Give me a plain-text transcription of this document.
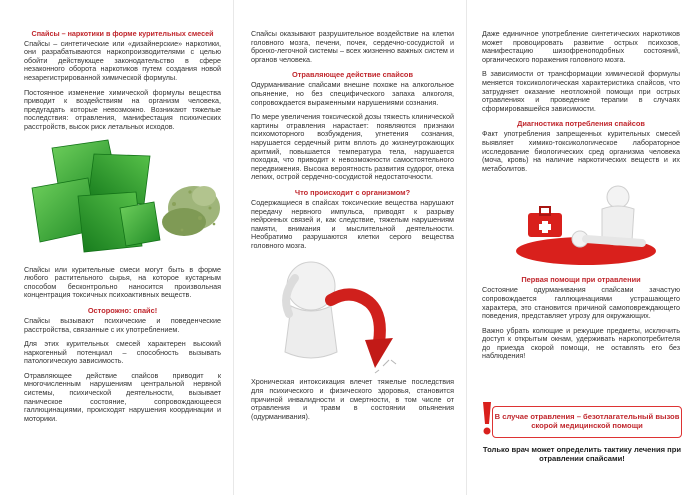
Спайсы – наркотики в форме курительных смесей

Спайсы – синтетические или «дизайнерские» наркотики, они разрабатываются наркопроизводителями с целью обойти действующее законодательство в сфере незаконного оборота наркотиков путем создания новой незарегистрированной химической формулы.

Постоянное изменение химической формулы вещества приводит к воздействиям на организм человека, предугадать которые невозможно. Возникают тяжелые последствия: отравления, манифестация психических расстройств, высок риск летальных исходов.

Спайсы или курительные смеси могут быть в форме любого растительного сырья, на которое кустарным способом бесконтрольно наносится произвольная концентрация токсичных психоактивных веществ.

Осторожно: спайс!

Спайсы вызывают психические и поведенческие расстройства, связанные с их употреблением.

Для этих курительных смесей характерен высокий наркогенный потенциал – способность вызывать патологическую зависимость.

Отравляющее действие спайсов приводит к многочисленным нарушениям центральной нервной системы, психической деятельности, вызывает паническое состояние, сопровождающееся галлюцинациями, происходят нарушения координации и моторики.

Спайсы оказывают разрушительное воздействие на клетки головного мозга, печени, почек, сердечно-сосудистой и бронхо-легочной системы – всех жизненно важных систем и органов человека.

Отравляющее действие спайсов

Одурманивание спайсами внешне похоже на алкогольное опьянение, но без специфического запаха алкоголя, сопровождается выраженными нарушениями сознания.

По мере увеличения токсической дозы тяжесть клинической картины отравления нарастает: появляются признаки психомоторного возбуждения, угнетения сознания, нарушается сердечный ритм вплоть до жизнеугрожающих аритмий, повышается температура тела, нарушается походка, что приводит к невозможности самостоятельного передвижения. Высока вероятность развития судорог, отека легких, острой сердечно-сосудистой недостаточности.

Что происходит с организмом?

Содержащиеся в спайсах токсические вещества нарушают передачу нервного импульса, приводят к разрыву нейронных связей и, как следствие, тяжелым нарушениям памяти, внимания и мыслительной деятельности. Необратимо разрушаются клетки серого вещества головного мозга.

Хроническая интоксикация влечет тяжелые последствия для психического и физического здоровья, становится причиной инвалидности и смертности, в том числе от отравления и травм в состоянии опьянения (одурманивания).

Даже единичное употребление синтетических наркотиков может провоцировать развитие острых психозов, манифестацию шизофреноподобных состояний, органического поражения головного мозга.

В зависимости от трансформации химической формулы меняется токсикологическая характеристика спайсов, что затрудняет оказание неотложной помощи при острых отравлениях и проведение терапии в случаях сформировавшейся зависимости.

Диагностика потребления спайсов

Факт употребления запрещенных курительных смесей выявляет химико-токсикологическое лабораторное исследование биологических сред организма человека (моча, кровь) на наличие наркотических веществ и их метаболитов.

Первая помощи при отравлении

Состояние одурманивания спайсами зачастую сопровождается галлюцинациями устрашающего характера, это становится причиной самоповреждающего поведения, представляет угрозу для окружающих.

Важно убрать колющие и режущие предметы, исключить доступ к открытым окнам, удерживать наркопотребителя до приезда скорой помощи, не оставлять его без наблюдения!

В случае отравления – безотлагательный вызов скорой медицинской помощи
Только врач может определить тактику лечения при отравлении спайсами!
